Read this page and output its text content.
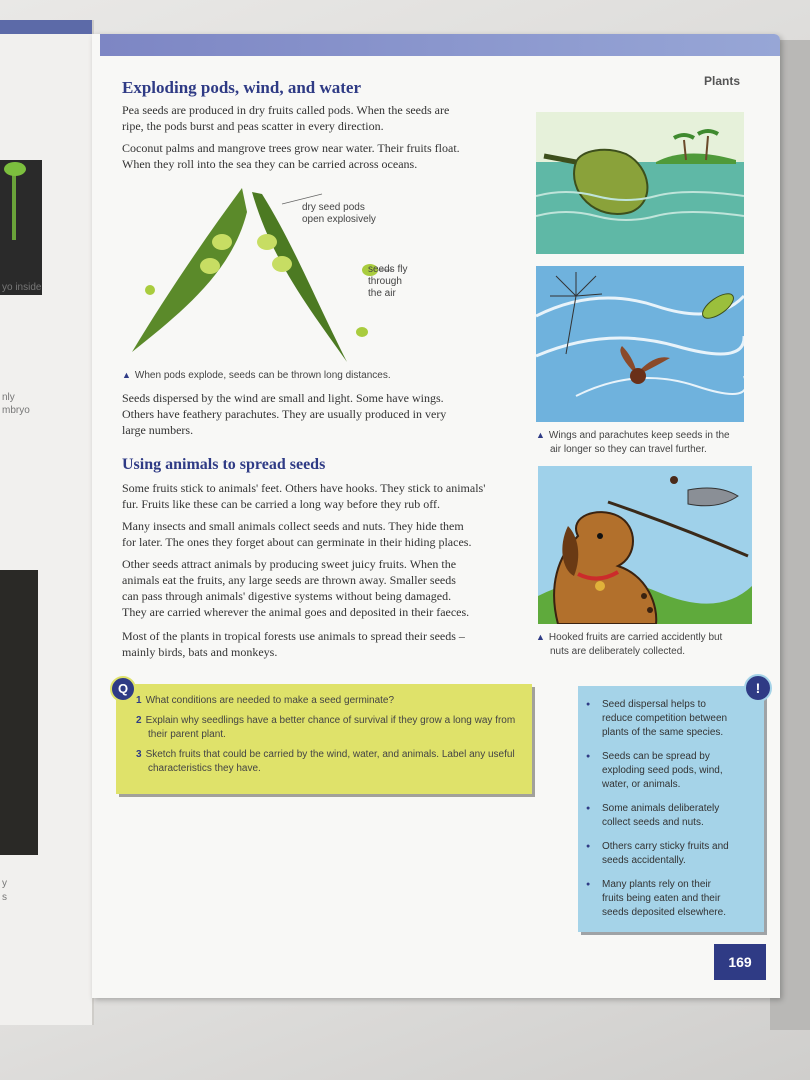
yo inside
nly
mbryo
y
s
Plants
Exploding pods, wind, and water

Pea seeds are produced in dry fruits called pods. When the seeds are
ripe, the pods burst and peas scatter in every direction.

Coconut palms and mangrove trees grow near water. Their fruits float.
When they roll into the sea they can be carried across oceans.

dry seed pods
open explosively
seeds fly
through
the air
▲ When pods explode, seeds can be thrown long distances.

Seeds dispersed by the wind are small and light. Some have wings.
Others have feathery parachutes. They are usually produced in very
large numbers.

Using animals to spread seeds

Some fruits stick to animals' feet. Others have hooks. They stick to animals'
fur. Fruits like these can be carried a long way before they rub off.

Many insects and small animals collect seeds and nuts. They hide them
for later. The ones they forget about can germinate in their hiding places.

Other seeds attract animals by producing sweet juicy fruits. When the
animals eat the fruits, any large seeds are thrown away. Smaller seeds
can pass through animals' digestive systems without being damaged.
They are carried wherever the animal goes and deposited in their faeces.

Most of the plants in tropical forests use animals to spread their seeds –
mainly birds, bats and monkeys.

▲ Wings and parachutes keep seeds in the
air longer so they can travel further.
▲ Hooked fruits are carried accidently but
nuts are deliberately collected.
1 What conditions are needed to make a seed germinate?
2 Explain why seedlings have a better chance of survival if they grow a long way from
their parent plant.
3 Sketch fruits that could be carried by the wind, water, and animals. Label any useful
characteristics they have.
Q
● Seed dispersal helps to
reduce competition between
plants of the same species.
● Seeds can be spread by
exploding seed pods, wind,
water, or animals.
● Some animals deliberately
collect seeds and nuts.
● Others carry sticky fruits and
seeds accidentally.
● Many plants rely on their
fruits being eaten and their
seeds deposited elsewhere.
!
169
